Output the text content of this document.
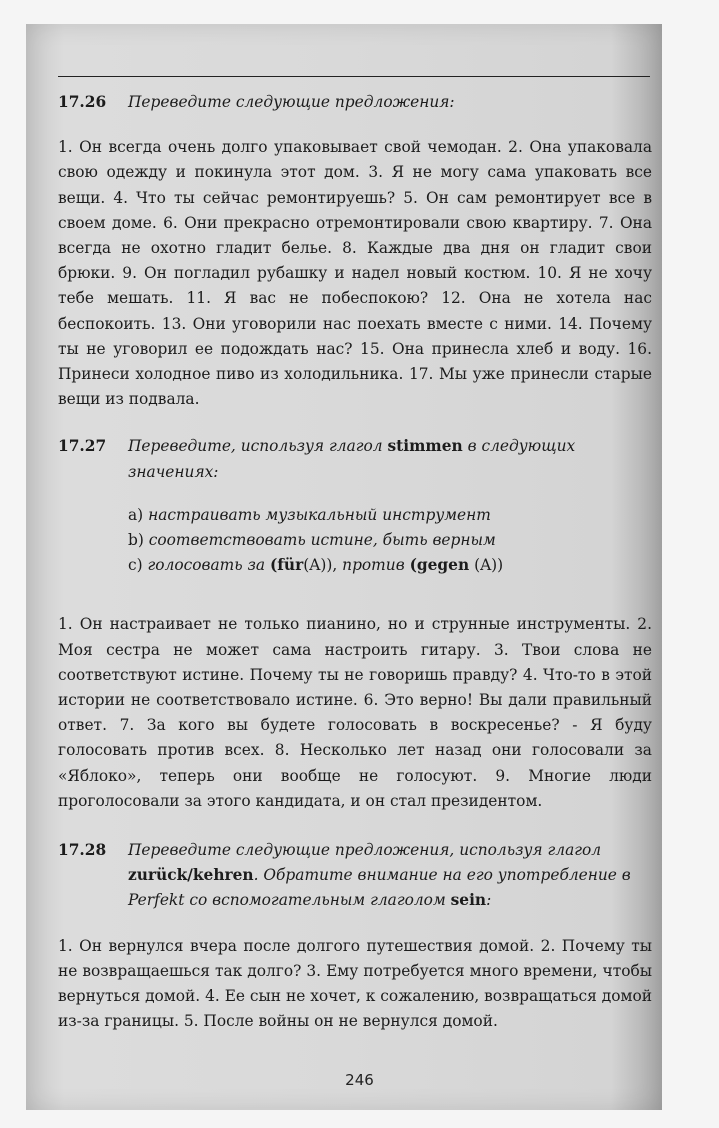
17.26 Переведите следующие предложения:

1. Он всегда очень долго упаковывает свой чемодан. 2. Она упаковала свою одежду и покинула этот дом. 3. Я не могу сама упаковать все вещи. 4. Что ты сейчас ремонтируешь? 5. Он сам ремонтирует все в своем доме. 6. Они прекрасно отремонтировали свою квартиру. 7. Она всегда не охотно гладит белье. 8. Каждые два дня он гладит свои брюки. 9. Он погладил рубашку и надел новый костюм. 10. Я не хочу тебе мешать. 11. Я вас не побеспокою? 12. Она не хотела нас беспокоить. 13. Они уговорили нас поехать вместе с ними. 14. Почему ты не уговорил ее подождать нас? 15. Она принесла хлеб и воду. 16. Принеси холодное пиво из холодильника. 17. Мы уже принесли старые вещи из подвала.

17.27 Переведите, используя глагол stimmen в следующих значениях:

a) настраивать музыкальный инструмент
b) соответствовать истине, быть верным
c) голосовать за (für(A)), против (gegen (A))

1. Он настраивает не только пианино, но и струнные инструменты. 2. Моя сестра не может сама настроить гитару. 3. Твои слова не соответствуют истине. Почему ты не говоришь правду? 4. Что-то в этой истории не соответствовало истине. 6. Это верно! Вы дали правильный ответ. 7. За кого вы будете голосовать в воскресенье? - Я буду голосовать против всех. 8. Несколько лет назад они голосовали за «Яблоко», теперь они вообще не голосуют. 9. Многие люди проголоcовали за этого кандидата, и он стал президентом.

17.28 Переведите следующие предложения, используя глагол zurück/kehren. Обратите внимание на его употребление в Perfekt со вспомогательным глаголом sein:

1. Он вернулся вчера после долгого путешествия домой. 2. Почему ты не возвращаешься так долго? 3. Ему потребуется много времени, чтобы вернуться домой. 4. Ее сын не хочет, к сожалению, возвращаться домой из-за границы. 5. После войны он не вернулся домой.

246
